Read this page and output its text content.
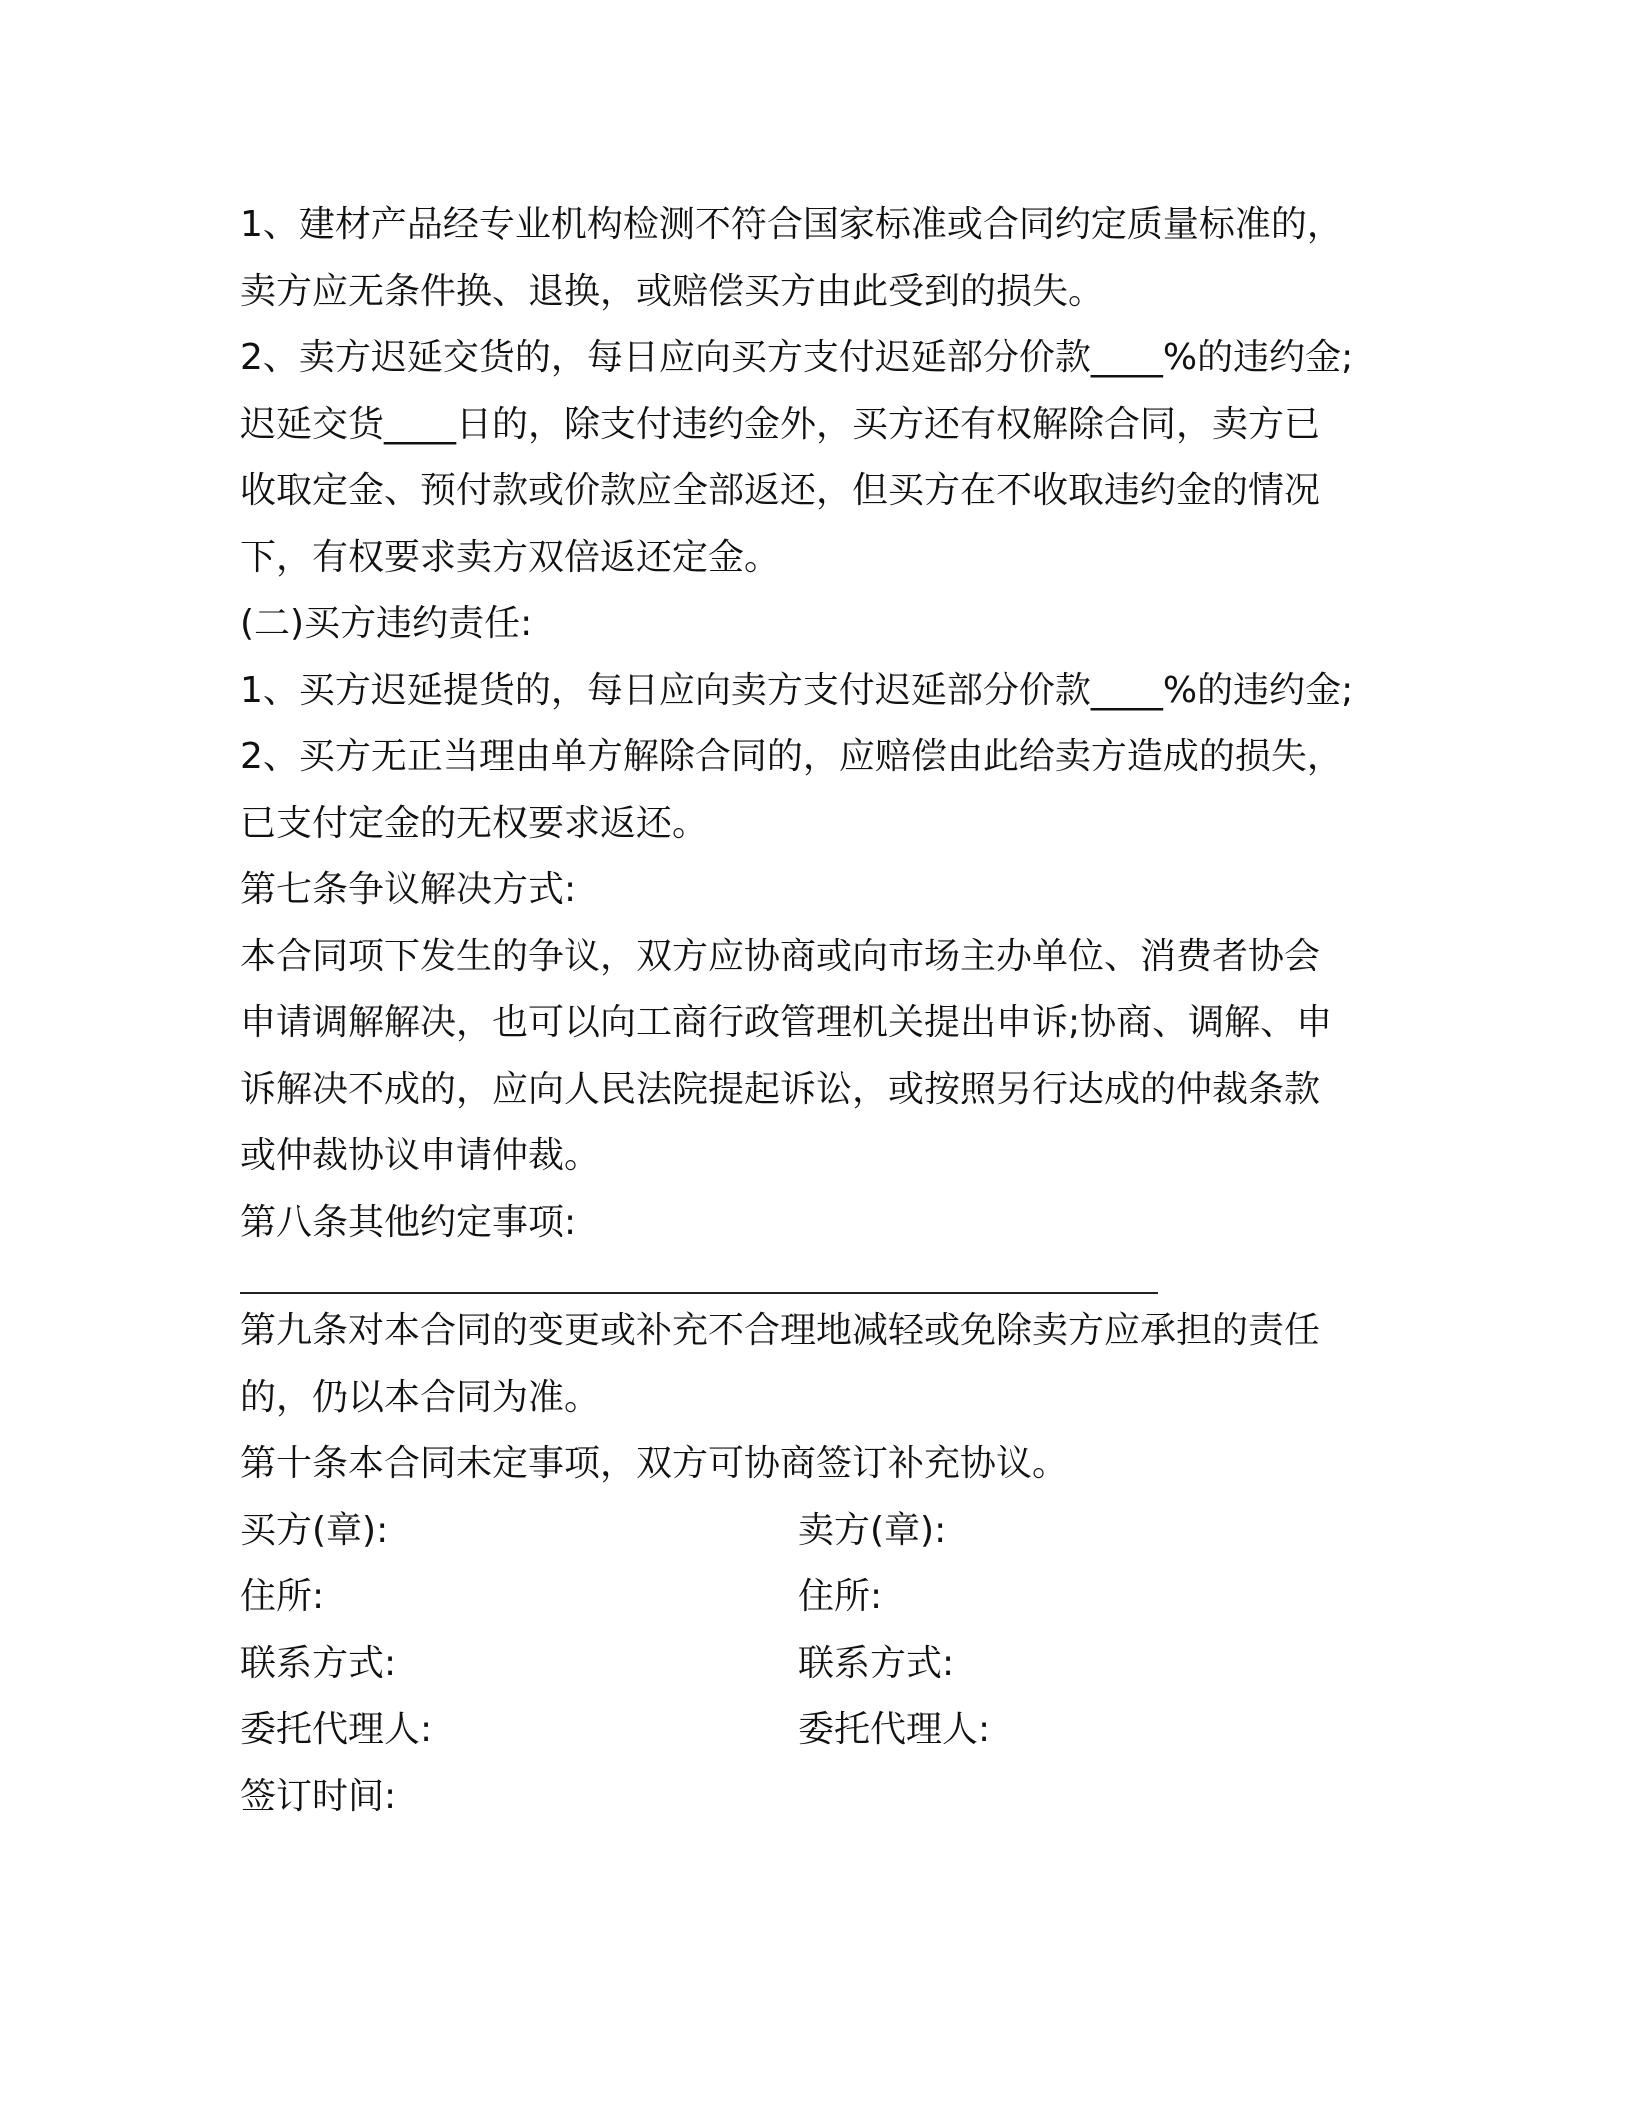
1、建材产品经专业机构检测不符合国家标准或合同约定质量标准的，

卖方应无条件换、退换，或赔偿买方由此受到的损失。

2、卖方迟延交货的，每日应向买方支付迟延部分价款____%的违约金;

迟延交货____日的，除支付违约金外，买方还有权解除合同，卖方已

收取定金、预付款或价款应全部返还，但买方在不收取违约金的情况

下，有权要求卖方双倍返还定金。

(二)买方违约责任:

1、买方迟延提货的，每日应向卖方支付迟延部分价款____%的违约金;

2、买方无正当理由单方解除合同的，应赔偿由此给卖方造成的损失，

已支付定金的无权要求返还。

第七条争议解决方式:

本合同项下发生的争议，双方应协商或向市场主办单位、消费者协会

申请调解解决，也可以向工商行政管理机关提出申诉;协商、调解、申

诉解决不成的，应向人民法院提起诉讼，或按照另行达成的仲裁条款

或仲裁协议申请仲裁。

第八条其他约定事项:

第九条对本合同的变更或补充不合理地减轻或免除卖方应承担的责任

的，仍以本合同为准。

第十条本合同未定事项，双方可协商签订补充协议。

买方(章):	卖方(章):
住所:	住所:
联系方式:	联系方式:
委托代理人:	委托代理人:
签订时间:
